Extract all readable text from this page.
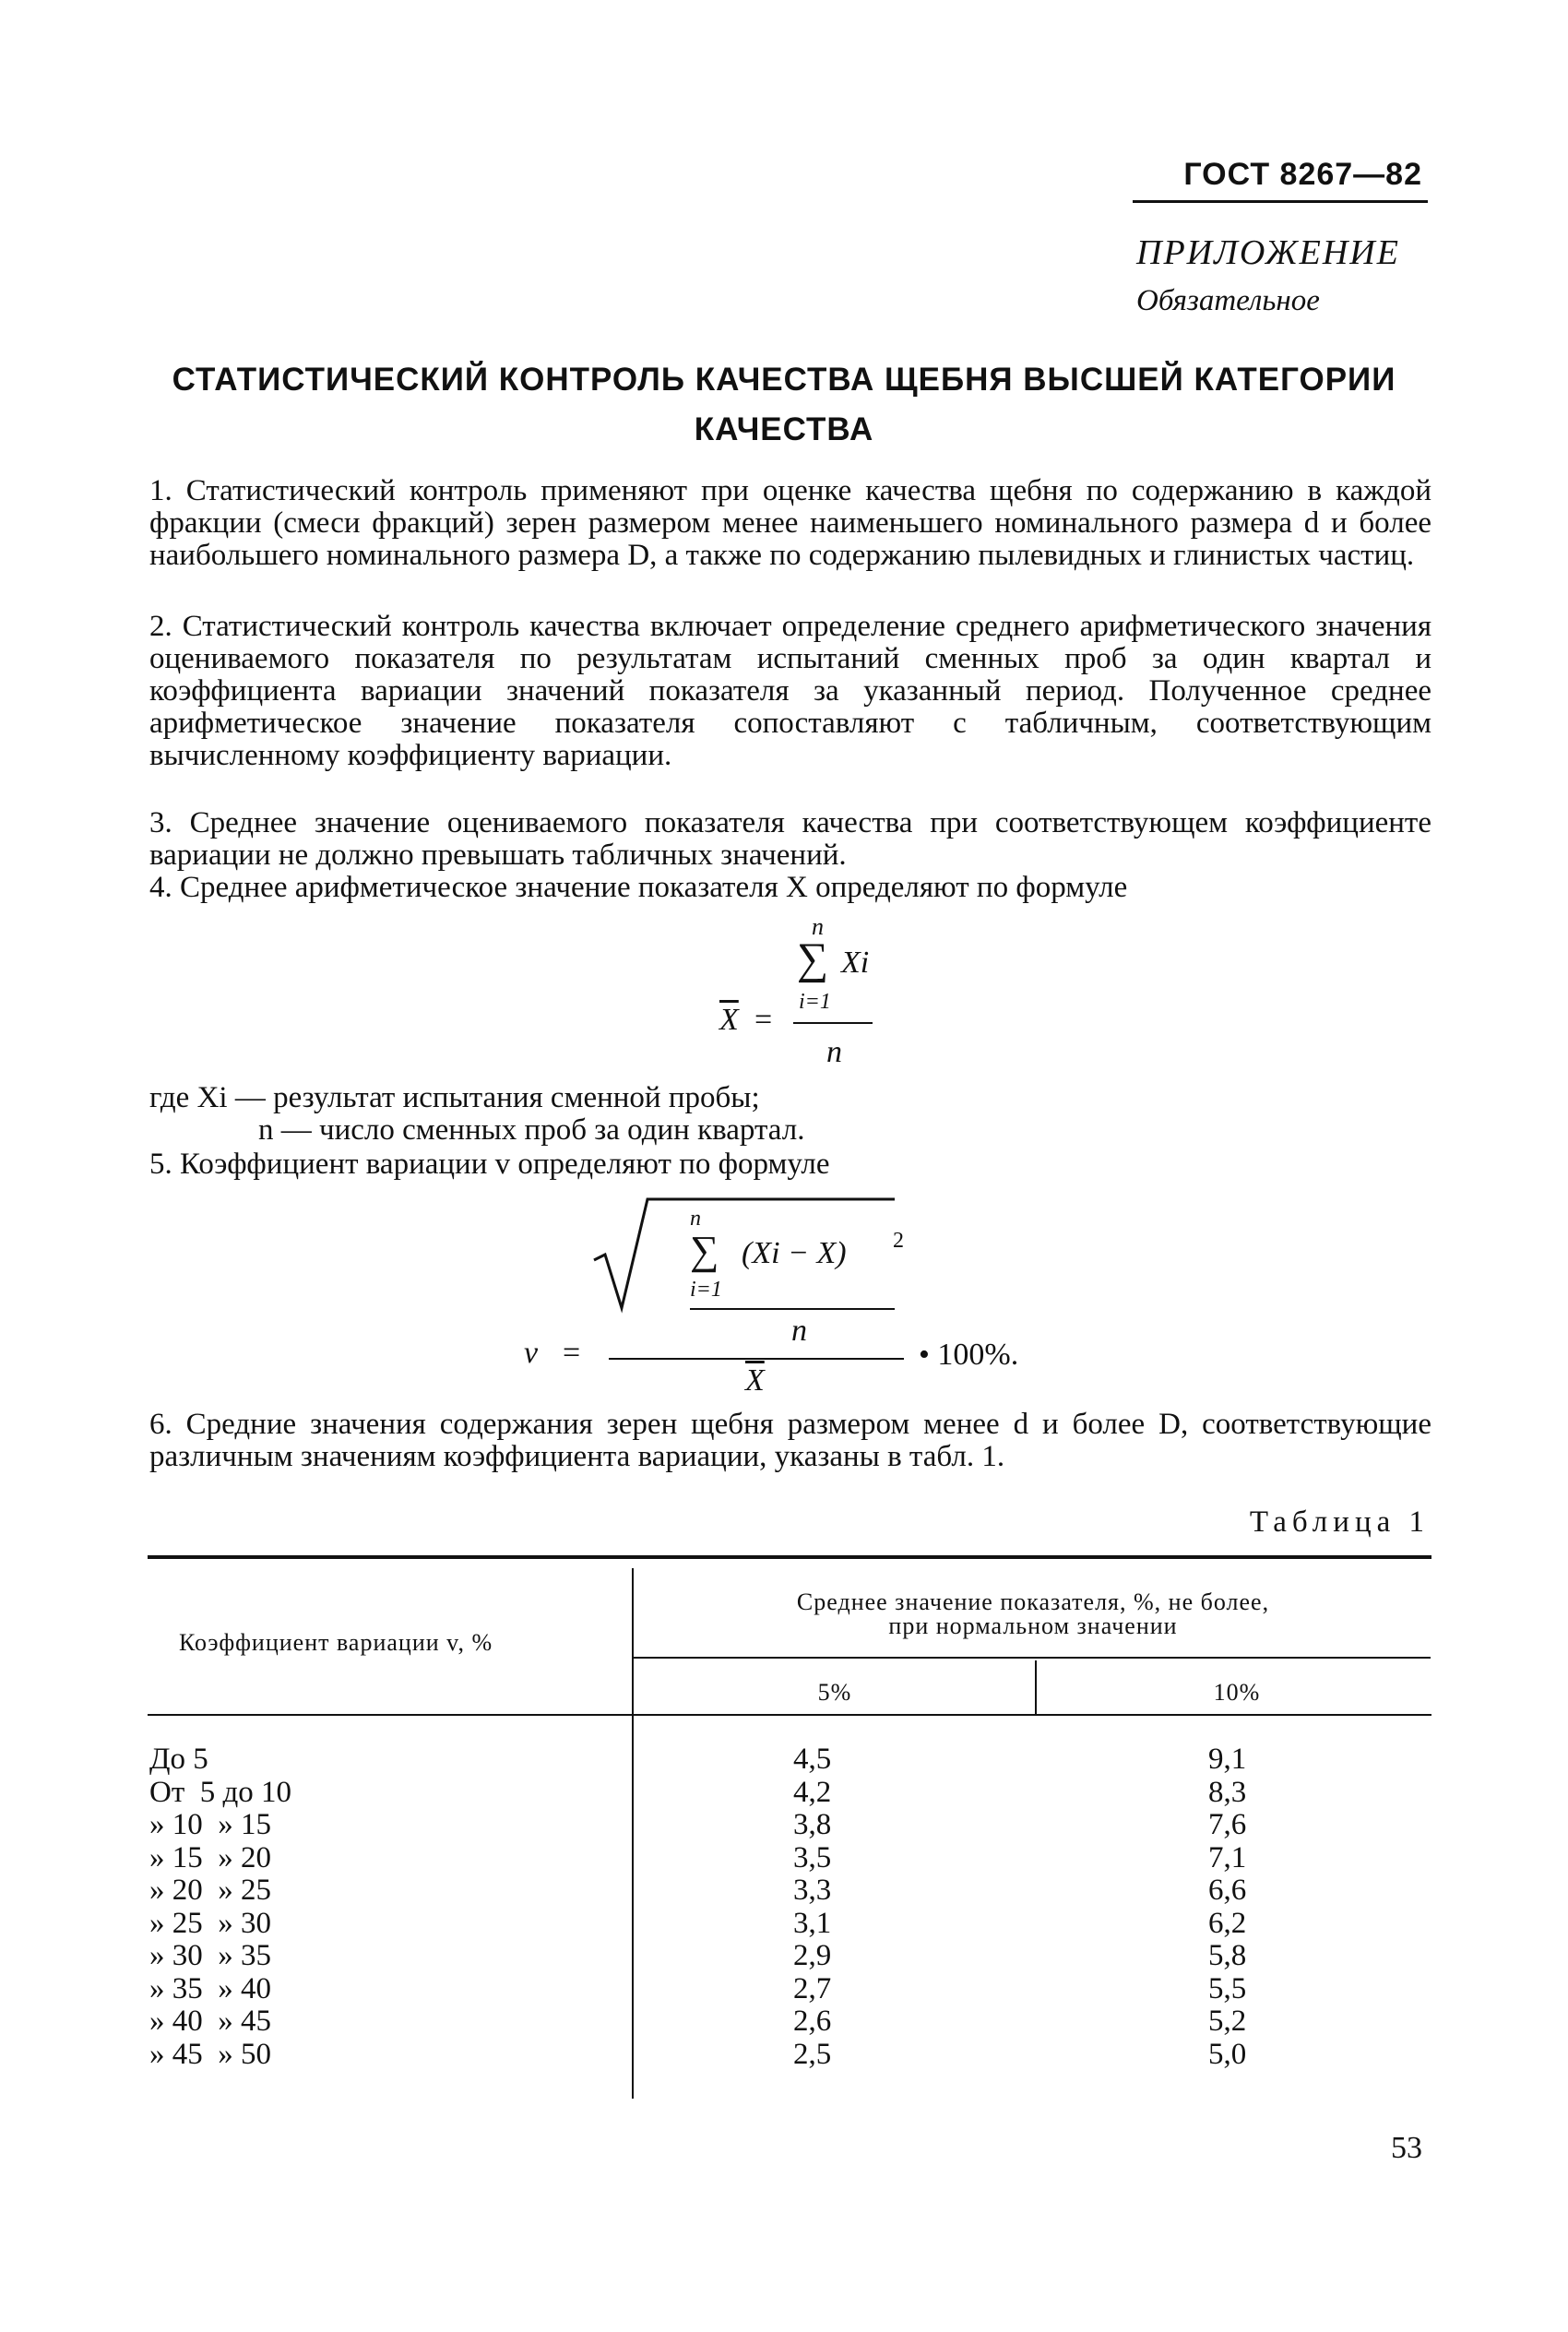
ГОСТ 8267—82
ПРИЛОЖЕНИЕ
Обязательное
СТАТИСТИЧЕСКИЙ КОНТРОЛЬ КАЧЕСТВА ЩЕБНЯ ВЫСШЕЙ КАТЕГОРИИ КАЧЕСТВА

1. Статистический контроль применяют при оценке качества щебня по содержанию в каждой фракции (смеси фракций) зерен размером менее наименьшего номинального размера d и более наибольшего номинального размера D, а также по содержанию пылевидных и глинистых частиц.

2. Статистический контроль качества включает определение среднего арифметического значения оцениваемого показателя по результатам испытаний сменных проб за один квартал и коэффициента вариации значений показателя за указанный период. Полученное среднее арифметическое значение показателя сопоставляют с табличным, соответствующим вычисленному коэффициенту вариации.

3. Среднее значение оцениваемого показателя качества при соответствующем коэффициенте вариации не должно превышать табличных значений.

4. Среднее арифметическое значение показателя X определяют по формуле

n
∑ Xi
i=1
$\overline{X}$ =
n
где Xi — результат испытания сменной пробы;
n — число сменных проб за один квартал.
5. Коэффициент вариации v определяют по формуле
n
∑ (Xi − X) 2
i=1
n
v =
$\overline{X}$
• 100%.

6. Средние значения содержания зерен щебня размером менее d и более D, соответствующие различным значениям коэффициента вариации, указаны в табл. 1.

Таблица 1
Коэффициент вариации v, %
Среднее значение показателя, %, не более,
при нормальном значении
5%	10%
До 5	4,5	9,1
От  5 до 10	4,2	8,3
» 10  » 15	3,8	7,6
» 15  » 20	3,5	7,1
» 20  » 25	3,3	6,6
» 25  » 30	3,1	6,2
» 30  » 35	2,9	5,8
» 35  » 40	2,7	5,5
» 40  » 45	2,6	5,2
» 45  » 50	2,5	5,0
53
